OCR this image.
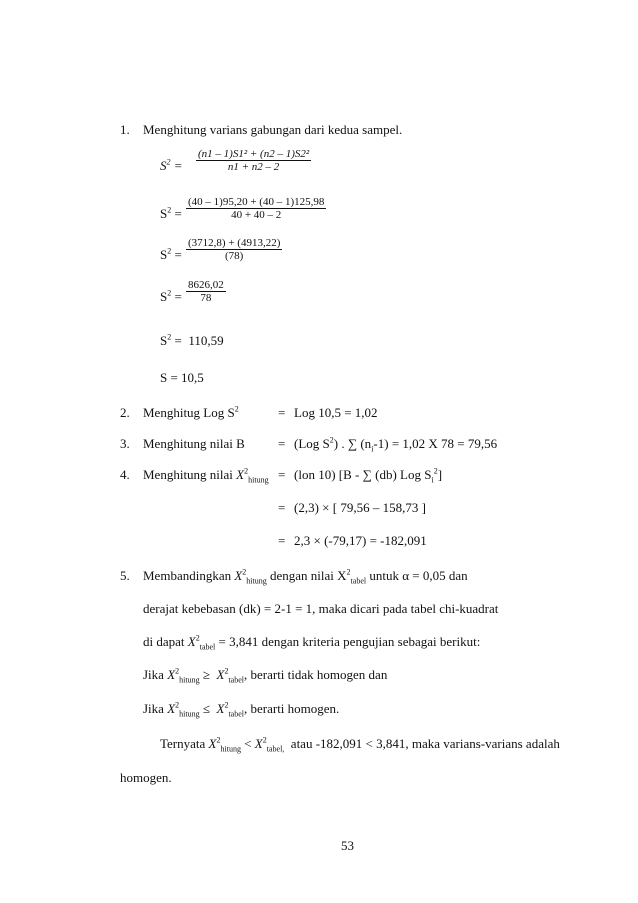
1. Menghitung varians gabungan dari kedua sampel.
$S^2 = \frac{\text{(n1 – 1)S1² + (n2 – 1)S2²}}{n1 + n2 - 2}$
$S^2 = \frac{(40 - 1)95,20 + (40 - 1)125,98}{40 + 40 - 2}$
$S^2 = \frac{(3712,8) + (4913,22)}{(78)}$
$S^2 = \frac{8626,02}{78}$
$S^2 = 110,59$
S = 10,5
2. Menghitug Log $S^2$	= Log 10,5 = 1,02
3. Menghitung nilai B	= (Log $S^2$) . ∑ $(n_i-1) = 1,02$ X 78 = 79,56
4. Menghitung nilai $X^2_{hitung} = (lon$ 10) [B - ∑ (db) Log $S_i^2$]
= (2,3) × [ 79,56 – 158,73 ]
= 2,3 × (-79,17) = -182,091
5. Membandingkan $X^2_{hitung}$ dengan nilai $X^2_{tabel}$ untuk α = 0,05 dan
derajat kebebasan (dk) = 2-1 = 1, maka dicari pada tabel chi-kuadrat
di dapat $X^2_{tabel} = 3,841$ dengan kriteria pengujian sebagai berikut:
Jika $X^2_{hitung} \ge X^2_{tabel}$, berarti tidak homogen dan
Jika $X^2_{hitung} \le X^2_{tabel}$, berarti homogen.
Ternyata $X^2_{hitung} < X^2_{tabel,}$ atau -182,091 < 3,841, maka varians-varians adalah
homogen.
53
